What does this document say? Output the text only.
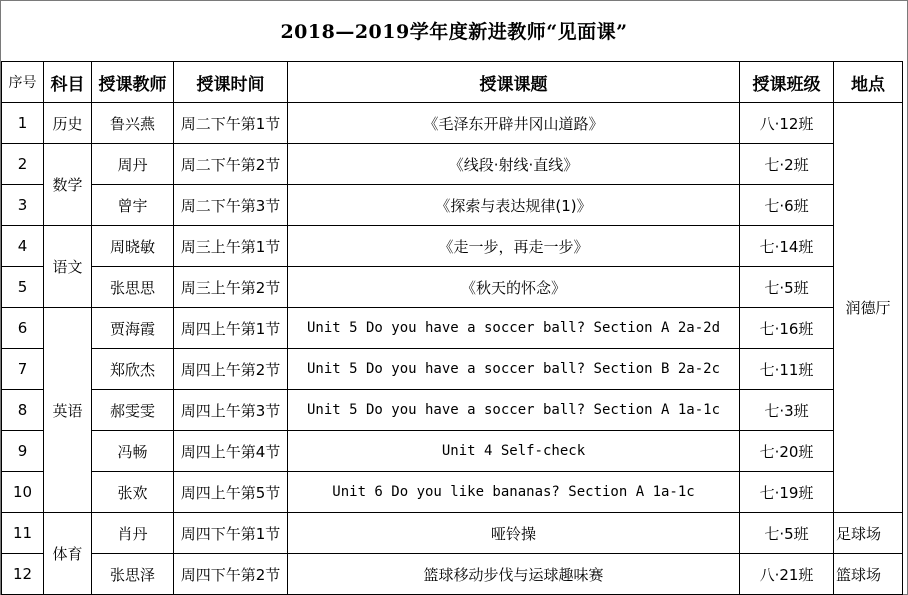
2018—2019学年度新进教师“见面课”
序号	科目	授课教师	授课时间	授课课题	授课班级	地点
1	历史	鲁兴燕	周二下午第1节	《毛泽东开辟井冈山道路》	八·12班	润德厅
2	数学	周丹	周二下午第2节	《线段·射线·直线》	七·2班	
3		曾宇	周二下午第3节	《探索与表达规律(1)》	七·6班	
4	语文	周晓敏	周三上午第1节	《走一步，再走一步》	七·14班	
5		张思思	周三上午第2节	《秋天的怀念》	七·5班	
6	英语	贾海霞	周四上午第1节	Unit 5 Do you have a soccer ball? Section A 2a-2d	七·16班	
7		郑欣杰	周四上午第2节	Unit 5 Do you have a soccer ball? Section B 2a-2c	七·11班	
8		郝雯雯	周四上午第3节	Unit 5 Do you have a soccer ball? Section A 1a-1c	七·3班	
9		冯畅	周四上午第4节	Unit 4 Self-check	七·20班	
10		张欢	周四上午第5节	Unit 6 Do you like bananas? Section A 1a-1c	七·19班	
11	体育	肖丹	周四下午第1节	哑铃操	七·5班	足球场
12		张思泽	周四下午第2节	篮球移动步伐与运球趣味赛	八·21班	篮球场
